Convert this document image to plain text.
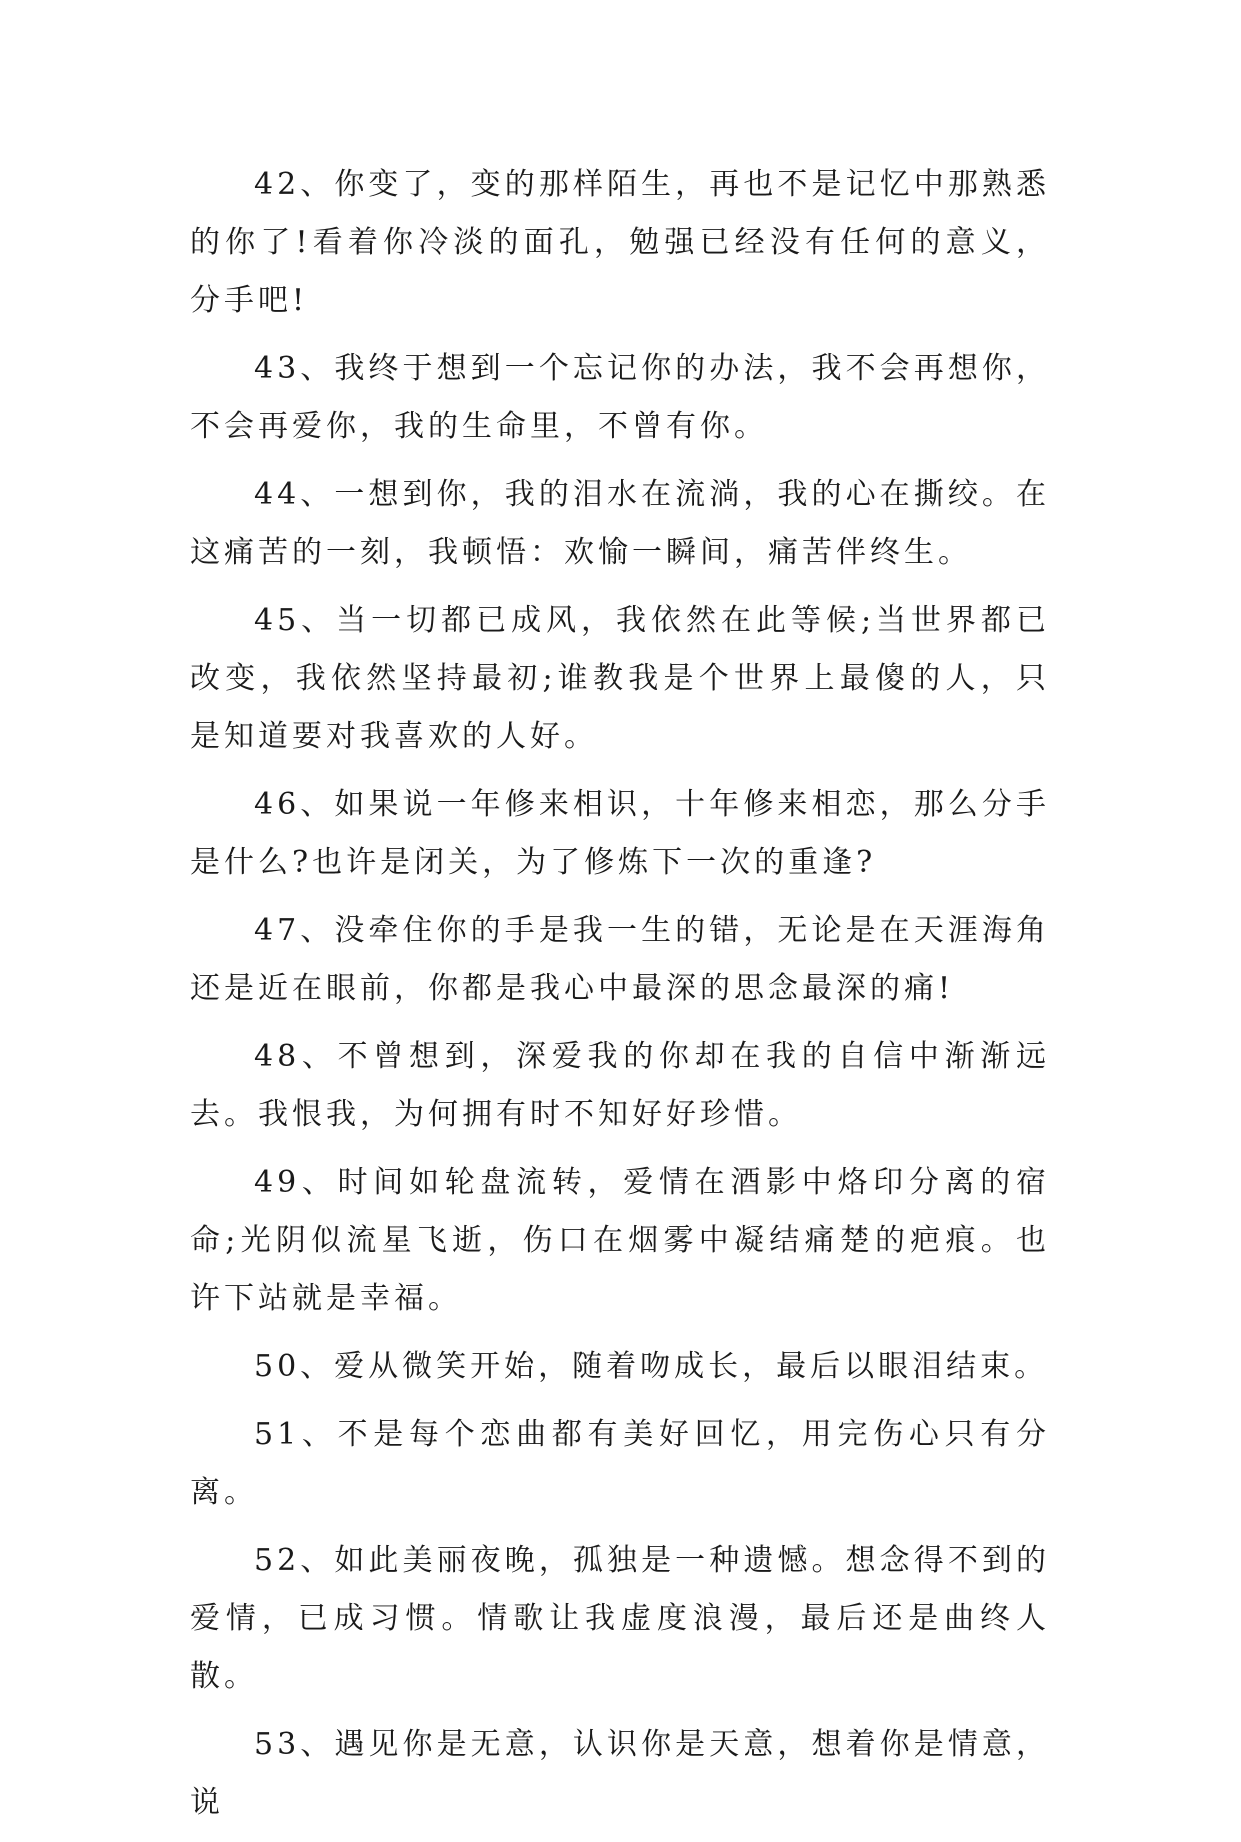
42、你变了，变的那样陌生，再也不是记忆中那熟悉的你了!看着你冷淡的面孔，勉强已经没有任何的意义，分手吧!

43、我终于想到一个忘记你的办法，我不会再想你，不会再爱你，我的生命里，不曾有你。

44、一想到你，我的泪水在流淌，我的心在撕绞。在这痛苦的一刻，我顿悟：欢愉一瞬间，痛苦伴终生。

45、当一切都已成风，我依然在此等候;当世界都已改变，我依然坚持最初;谁教我是个世界上最傻的人，只是知道要对我喜欢的人好。

46、如果说一年修来相识，十年修来相恋，那么分手是什么?也许是闭关，为了修炼下一次的重逢?

47、没牵住你的手是我一生的错，无论是在天涯海角还是近在眼前，你都是我心中最深的思念最深的痛!

48、不曾想到，深爱我的你却在我的自信中渐渐远去。我恨我，为何拥有时不知好好珍惜。

49、时间如轮盘流转，爱情在酒影中烙印分离的宿命;光阴似流星飞逝，伤口在烟雾中凝结痛楚的疤痕。也许下站就是幸福。

50、爱从微笑开始，随着吻成长，最后以眼泪结束。

51、不是每个恋曲都有美好回忆，用完伤心只有分离。

52、如此美丽夜晚，孤独是一种遗憾。想念得不到的爱情，已成习惯。情歌让我虚度浪漫，最后还是曲终人散。

53、遇见你是无意，认识你是天意，想着你是情意，说
